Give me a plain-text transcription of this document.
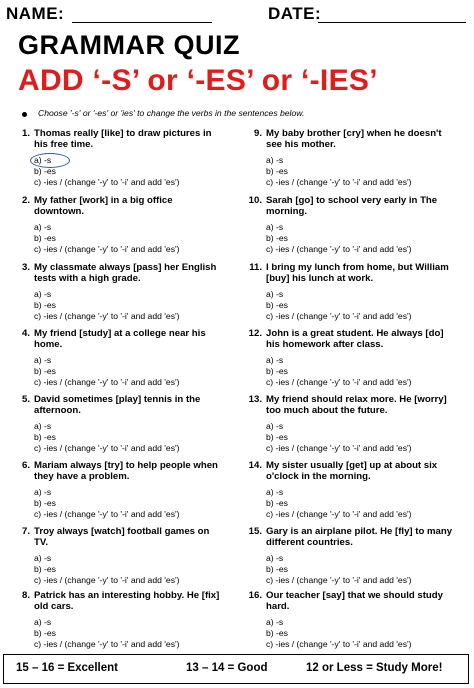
NAME:	DATE:
GRAMMAR QUIZ
ADD ‘-S’ or ‘-ES’ or ‘-IES’
Choose '-s' or '-es' or 'ies' to change the verbs in the sentences below.
1. Thomas really [like] to draw pictures in his free time.
a) -s
b) -es
c) -ies / (change '-y' to '-i' and add 'es')
2. My father [work] in a big office downtown.
a) -s
b) -es
c) -ies / (change '-y' to '-i' and add 'es')
3. My classmate always [pass] her English tests with a high grade.
a) -s
b) -es
c) -ies / (change '-y' to '-i' and add 'es')
4. My friend [study] at a college near his home.
a) -s
b) -es
c) -ies / (change '-y' to '-i' and add 'es')
5. David sometimes [play] tennis in the afternoon.
a) -s
b) -es
c) -ies / (change '-y' to '-i' and add 'es')
6. Mariam always [try] to help people when they have a problem.
a) -s
b) -es
c) -ies / (change '-y' to '-i' and add 'es')
7. Troy always [watch] football games on TV.
a) -s
b) -es
c) -ies / (change '-y' to '-i' and add 'es')
8. Patrick has an interesting hobby. He [fix] old cars.
a) -s
b) -es
c) -ies / (change '-y' to '-i' and add 'es')
9. My baby brother [cry] when he doesn't see his mother.
a) -s
b) -es
c) -ies / (change '-y' to '-i' and add 'es')
10. Sarah [go] to school very early in The morning.
a) -s
b) -es
c) -ies / (change '-y' to '-i' and add 'es')
11. I bring my lunch from home, but William [buy] his lunch at work.
a) -s
b) -es
c) -ies / (change '-y' to '-i' and add 'es')
12. John is a great student. He always [do] his homework after class.
a) -s
b) -es
c) -ies / (change '-y' to '-i' and add 'es')
13. My friend should relax more. He [worry] too much about the future.
a) -s
b) -es
c) -ies / (change '-y' to '-i' and add 'es')
14. My sister usually [get] up at about six o'clock in the morning.
a) -s
b) -es
c) -ies / (change '-y' to '-i' and add 'es')
15. Gary is an airplane pilot. He [fly] to many different countries.
a) -s
b) -es
c) -ies / (change '-y' to '-i' and add 'es')
16. Our teacher [say] that we should study hard.
a) -s
b) -es
c) -ies / (change '-y' to '-i' and add 'es')
15 – 16 = Excellent	13 – 14 = Good	12 or Less = Study More!
